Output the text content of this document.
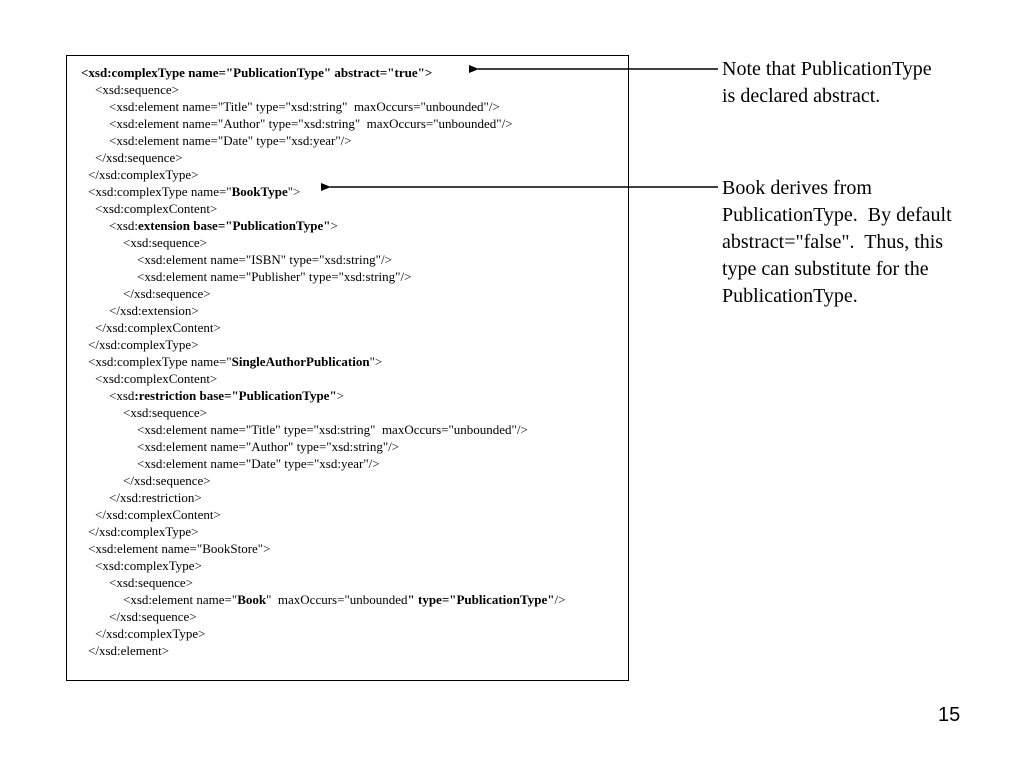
<xsd:complexType name="PublicationType" abstract="true">
<xsd:sequence>
<xsd:element name="Title" type="xsd:string"  maxOccurs="unbounded"/>
<xsd:element name="Author" type="xsd:string"  maxOccurs="unbounded"/>
<xsd:element name="Date" type="xsd:year"/>
</xsd:sequence>
</xsd:complexType>
<xsd:complexType name="BookType">
<xsd:complexContent>
<xsd:extension base="PublicationType">
<xsd:sequence>
<xsd:element name="ISBN" type="xsd:string"/>
<xsd:element name="Publisher" type="xsd:string"/>
</xsd:sequence>
</xsd:extension>
</xsd:complexContent>
</xsd:complexType>
<xsd:complexType name="SingleAuthorPublication">
<xsd:complexContent>
<xsd:restriction base="PublicationType">
<xsd:sequence>
<xsd:element name="Title" type="xsd:string"  maxOccurs="unbounded"/>
<xsd:element name="Author" type="xsd:string"/>
<xsd:element name="Date" type="xsd:year"/>
</xsd:sequence>
</xsd:restriction>
</xsd:complexContent>
</xsd:complexType>
<xsd:element name="BookStore">
<xsd:complexType>
<xsd:sequence>
<xsd:element name="Book"  maxOccurs="unbounded" type="PublicationType"/>
</xsd:sequence>
</xsd:complexType>
</xsd:element>
Note that PublicationType
is declared abstract.
Book derives from
PublicationType.  By default
abstract="false".  Thus, this
type can substitute for the
PublicationType.
15
